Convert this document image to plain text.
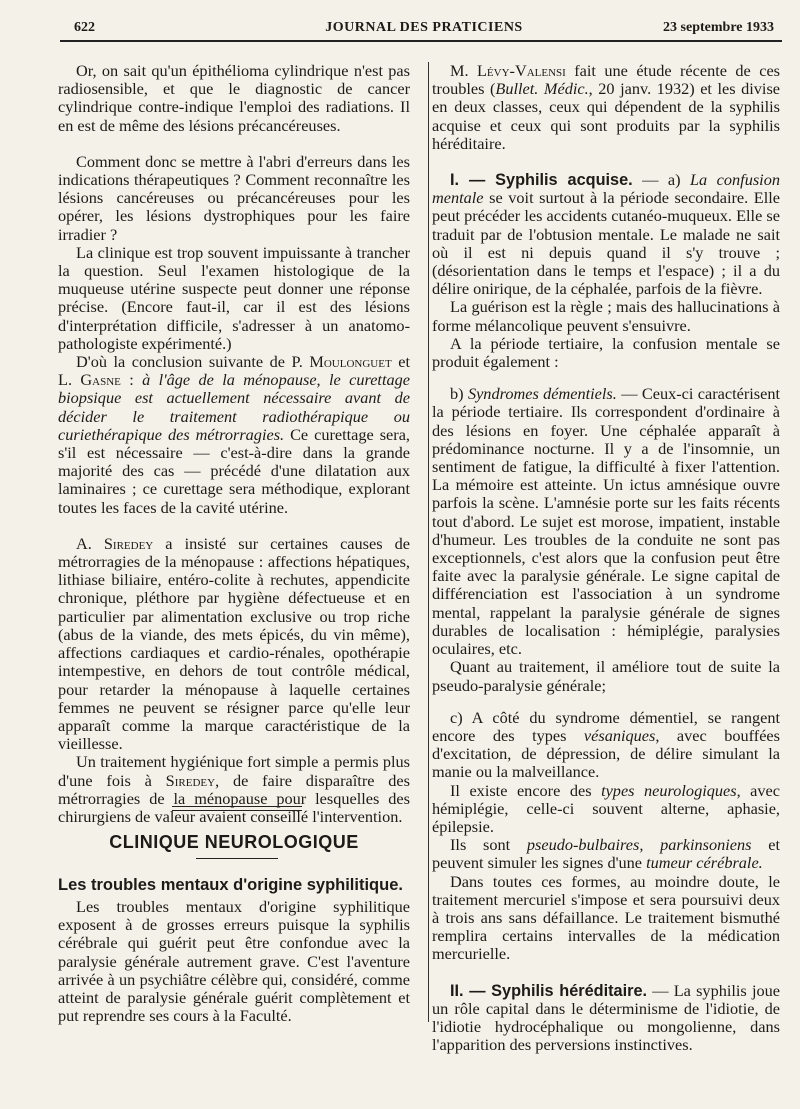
622	JOURNAL DES PRATICIENS	23 septembre 1933

Or, on sait qu'un épithélioma cylindrique n'est pas radiosensible, et que le diagnostic de cancer cylindrique contre-indique l'emploi des radiations. Il en est de même des lésions précancéreuses.

Comment donc se mettre à l'abri d'erreurs dans les indications thérapeutiques ? Comment reconnaître les lésions cancéreuses ou précancéreuses pour les opérer, les lésions dystrophiques pour les faire irradier ?

La clinique est trop souvent impuissante à trancher la question. Seul l'examen histologique de la muqueuse utérine suspecte peut donner une réponse précise. (Encore faut-il, car il est des lésions d'interprétation difficile, s'adresser à un anatomo-pathologiste expérimenté.)

D'où la conclusion suivante de P. Moulonguet et L. Gasne : à l'âge de la ménopause, le curettage biopsique est actuellement nécessaire avant de décider le traitement radiothérapique ou curiethérapique des métrorragies. Ce curettage sera, s'il est nécessaire — c'est-à-dire dans la grande majorité des cas — précédé d'une dilatation aux laminaires ; ce curettage sera méthodique, explorant toutes les faces de la cavité utérine.

A. Siredey a insisté sur certaines causes de métrorragies de la ménopause : affections hépatiques, lithiase biliaire, entéro-colite à rechutes, appendicite chronique, pléthore par hygiène défectueuse et en particulier par alimentation exclusive ou trop riche (abus de la viande, des mets épicés, du vin même), affections cardiaques et cardio-rénales, opothérapie intempestive, en dehors de tout contrôle médical, pour retarder la ménopause à laquelle certaines femmes ne peuvent se résigner parce qu'elle leur apparaît comme la marque caractéristique de la vieillesse.

Un traitement hygiénique fort simple a permis plus d'une fois à Siredey, de faire disparaître des métrorragies de la ménopause pour lesquelles des chirurgiens de valeur avaient conseillé l'intervention.

CLINIQUE NEUROLOGIQUE
Les troubles mentaux d'origine syphilitique.

Les troubles mentaux d'origine syphilitique exposent à de grosses erreurs puisque la syphilis cérébrale qui guérit peut être confondue avec la paralysie générale autrement grave. C'est l'aventure arrivée à un psychiâtre célèbre qui, considéré, comme atteint de paralysie générale guérit complètement et put reprendre ses cours à la Faculté.

M. Lévy-Valensi fait une étude récente de ces troubles (Bullet. Médic., 20 janv. 1932) et les divise en deux classes, ceux qui dépendent de la syphilis acquise et ceux qui sont produits par la syphilis héréditaire.

I. — Syphilis acquise. — a) La confusion mentale se voit surtout à la période secondaire. Elle peut précéder les accidents cutanéo-muqueux. Elle se traduit par de l'obtusion mentale. Le malade ne sait où il est ni depuis quand il s'y trouve ; (désorientation dans le temps et l'espace) ; il a du délire onirique, de la céphalée, parfois de la fièvre.

La guérison est la règle ; mais des hallucinations à forme mélancolique peuvent s'ensuivre.

A la période tertiaire, la confusion mentale se produit également :

b) Syndromes démentiels. — Ceux-ci caractérisent la période tertiaire. Ils correspondent d'ordinaire à des lésions en foyer. Une céphalée apparaît à prédominance nocturne. Il y a de l'insomnie, un sentiment de fatigue, la difficulté à fixer l'attention. La mémoire est atteinte. Un ictus amnésique ouvre parfois la scène. L'amnésie porte sur les faits récents tout d'abord. Le sujet est morose, impatient, instable d'humeur. Les troubles de la conduite ne sont pas exceptionnels, c'est alors que la confusion peut être faite avec la paralysie générale. Le signe capital de différenciation est l'association à un syndrome mental, rappelant la paralysie générale de signes durables de localisation : hémiplégie, paralysies oculaires, etc.

Quant au traitement, il améliore tout de suite la pseudo-paralysie générale;

c) A côté du syndrome démentiel, se rangent encore des types vésaniques, avec bouffées d'excitation, de dépression, de délire simulant la manie ou la malveillance.

Il existe encore des types neurologiques, avec hémiplégie, celle-ci souvent alterne, aphasie, épilepsie.

Ils sont pseudo-bulbaires, parkinsoniens et peuvent simuler les signes d'une tumeur cérébrale.

Dans toutes ces formes, au moindre doute, le traitement mercuriel s'impose et sera poursuivi deux à trois ans sans défaillance. Le traitement bismuthé remplira certains intervalles de la médication mercurielle.

II. — Syphilis héréditaire. — La syphilis joue un rôle capital dans le déterminisme de l'idiotie, de l'idiotie hydrocéphalique ou mongolienne, dans l'apparition des perversions instinctives.
